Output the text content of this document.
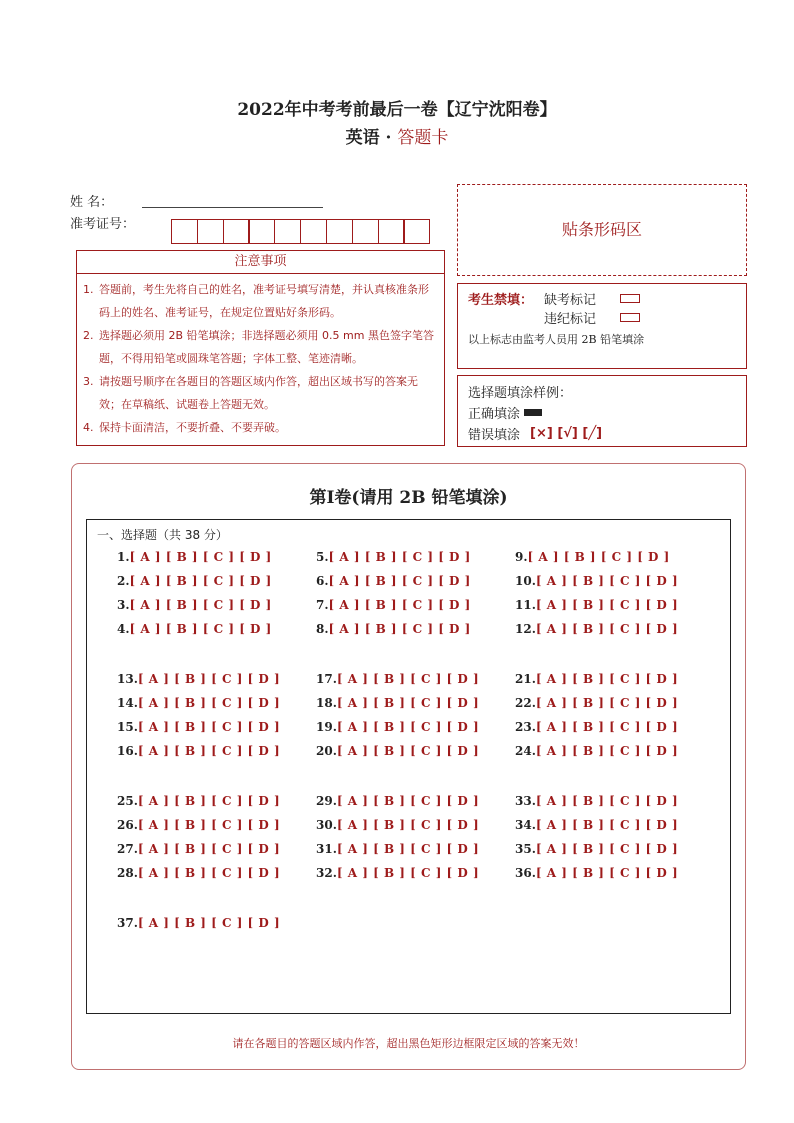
2022年中考考前最后一卷【辽宁沈阳卷】
英语 · 答题卡
姓 名：
准考证号：
注意事项
1. 答题前，考生先将自己的姓名，准考证号填写清楚，并认真核准条形码上的姓名、准考证号，在规定位置贴好条形码。
2. 选择题必须用 2B 铅笔填涂；非选择题必须用 0.5 mm 黑色签字笔答题，不得用铅笔或圆珠笔答题；字体工整、笔迹清晰。
3. 请按题号顺序在各题目的答题区域内作答，超出区域书写的答案无效；在草稿纸、试题卷上答题无效。
4. 保持卡面清洁，不要折叠、不要弄破。
贴条形码区
考生禁填： 缺考标记
违纪标记
以上标志由监考人员用 2B 铅笔填涂
选择题填涂样例：
正确填涂
错误填涂 [×] [√] [╱]
第Ⅰ卷(请用 2B 铅笔填涂)
一、选择题（共 38 分）
1.[ A ] [ B ] [ C ] [ D ]
2.[ A ] [ B ] [ C ] [ D ]
3.[ A ] [ B ] [ C ] [ D ]
4.[ A ] [ B ] [ C ] [ D ]
5.[ A ] [ B ] [ C ] [ D ]
6.[ A ] [ B ] [ C ] [ D ]
7.[ A ] [ B ] [ C ] [ D ]
8.[ A ] [ B ] [ C ] [ D ]
9.[ A ] [ B ] [ C ] [ D ]
10.[ A ] [ B ] [ C ] [ D ]
11.[ A ] [ B ] [ C ] [ D ]
12.[ A ] [ B ] [ C ] [ D ]
13.[ A ] [ B ] [ C ] [ D ]
14.[ A ] [ B ] [ C ] [ D ]
15.[ A ] [ B ] [ C ] [ D ]
16.[ A ] [ B ] [ C ] [ D ]
17.[ A ] [ B ] [ C ] [ D ]
18.[ A ] [ B ] [ C ] [ D ]
19.[ A ] [ B ] [ C ] [ D ]
20.[ A ] [ B ] [ C ] [ D ]
21.[ A ] [ B ] [ C ] [ D ]
22.[ A ] [ B ] [ C ] [ D ]
23.[ A ] [ B ] [ C ] [ D ]
24.[ A ] [ B ] [ C ] [ D ]
25.[ A ] [ B ] [ C ] [ D ]
26.[ A ] [ B ] [ C ] [ D ]
27.[ A ] [ B ] [ C ] [ D ]
28.[ A ] [ B ] [ C ] [ D ]
29.[ A ] [ B ] [ C ] [ D ]
30.[ A ] [ B ] [ C ] [ D ]
31.[ A ] [ B ] [ C ] [ D ]
32.[ A ] [ B ] [ C ] [ D ]
33.[ A ] [ B ] [ C ] [ D ]
34.[ A ] [ B ] [ C ] [ D ]
35.[ A ] [ B ] [ C ] [ D ]
36.[ A ] [ B ] [ C ] [ D ]
37.[ A ] [ B ] [ C ] [ D ]
请在各题目的答题区域内作答，超出黑色矩形边框限定区域的答案无效！
